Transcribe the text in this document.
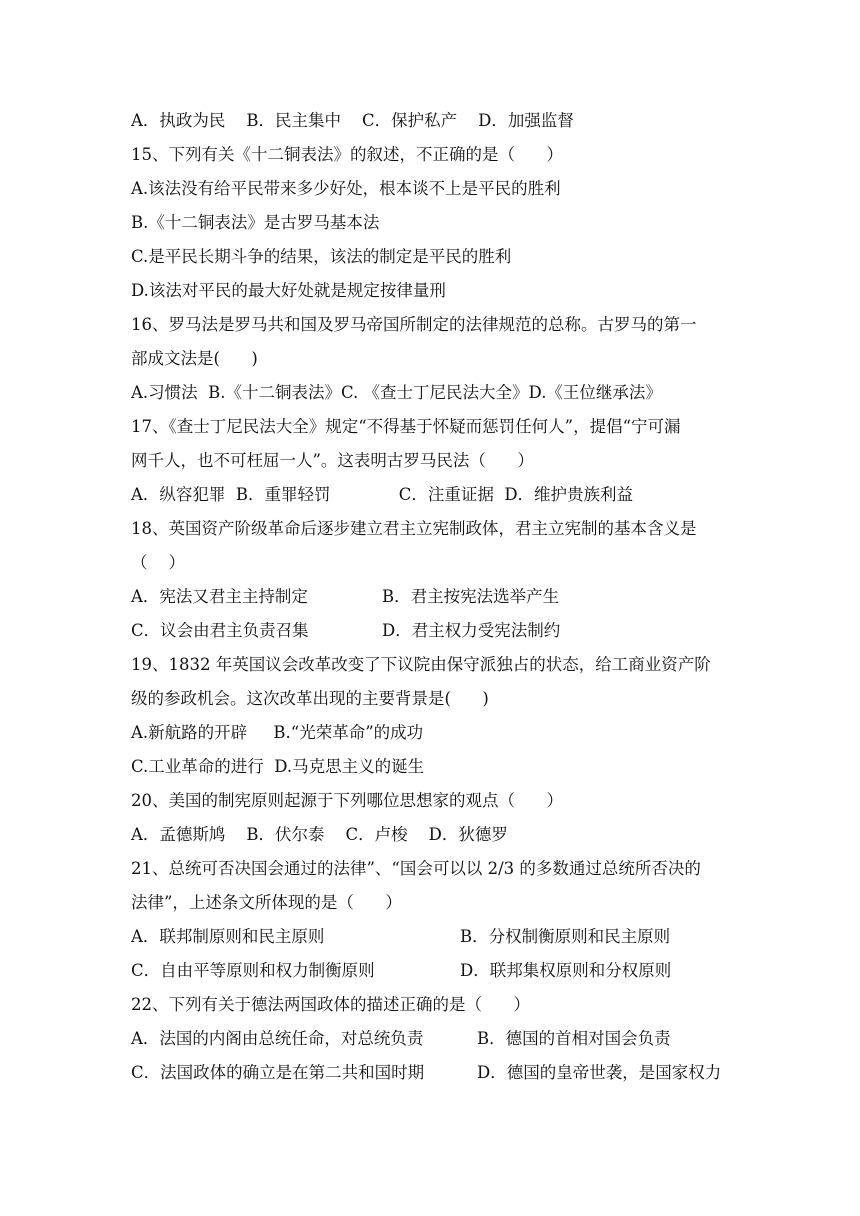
A．执政为民    B．民主集中    C．保护私产    D．加强监督
15、下列有关《十二铜表法》的叙述，不正确的是（      ）
A.该法没有给平民带来多少好处，根本谈不上是平民的胜利
B.《十二铜表法》是古罗马基本法
C.是平民长期斗争的结果，该法的制定是平民的胜利
D.该法对平民的最大好处就是规定按律量刑
16、罗马法是罗马共和国及罗马帝国所制定的法律规范的总称。古罗马的第一
部成文法是(      )
A.习惯法  B.《十二铜表法》C. 《查士丁尼民法大全》D.《王位继承法》
17、《查士丁尼民法大全》规定“不得基于怀疑而惩罚任何人”，提倡“宁可漏
网千人，也不可枉屈一人”。这表明古罗马民法（      ）
A．纵容犯罪  B．重罪轻罚             C．注重证据  D．维护贵族利益
18、英国资产阶级革命后逐步建立君主立宪制政体，君主立宪制的基本含义是
（    ）

A．宪法又君主主持制定

	B．君主按宪法选举产生

C．议会由君主负责召集

	D．君主权力受宪法制约

19、1832 年英国议会改革改变了下议院由保守派独占的状态，给工商业资产阶
级的参政机会。这次改革出现的主要背景是(      )
A.新航路的开辟     B.“光荣革命”的成功
C.工业革命的进行  D.马克思主义的诞生
20、美国的制宪原则起源于下列哪位思想家的观点（      ）
A．孟德斯鸠    B．伏尔泰    C．卢梭    D．狄德罗
21、总统可否决国会通过的法律”、“国会可以以 2/3 的多数通过总统所否决的
法律”，上述条文所体现的是（      ）

A．联邦制原则和民主原则

	B．分权制衡原则和民主原则

C．自由平等原则和权力制衡原则

	D．联邦集权原则和分权原则

22、下列有关于德法两国政体的描述正确的是（      ）

A．法国的内阁由总统任命，对总统负责

	B．德国的首相对国会负责

C．法国政体的确立是在第二共和国时期

	D．德国的皇帝世袭，是国家权力
